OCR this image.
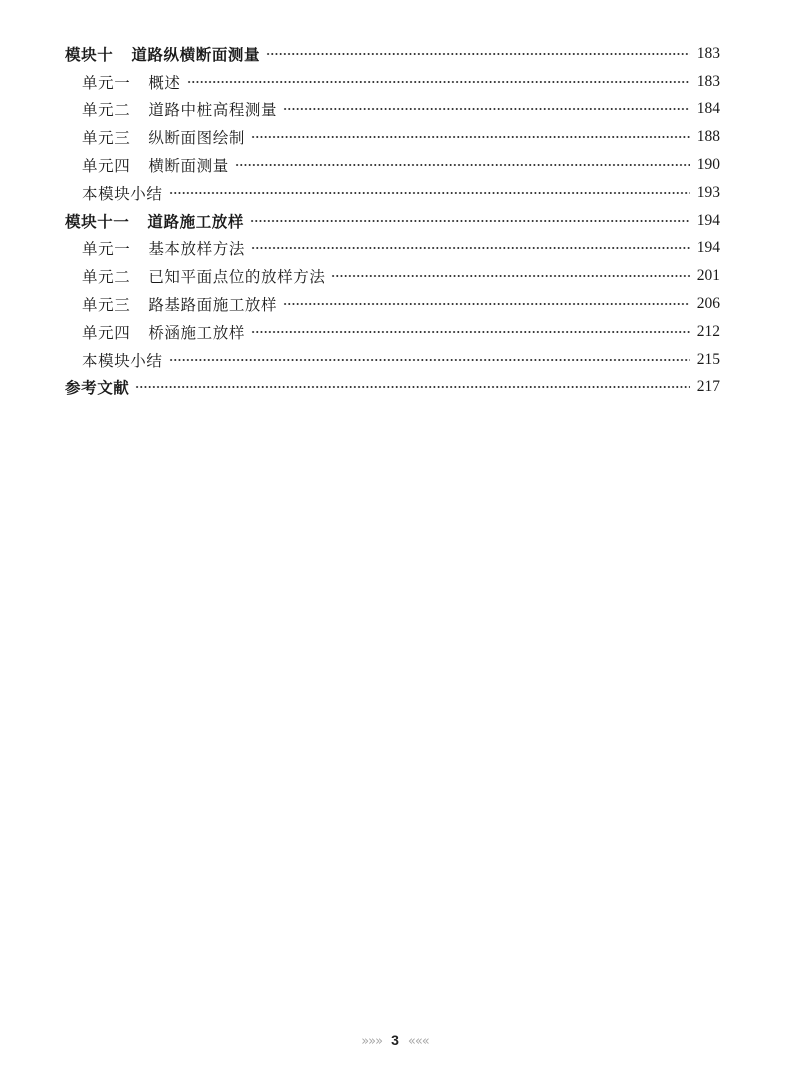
模块十 道路纵横断面测量	183
单元一 概述	183
单元二 道路中桩高程测量	184
单元三 纵断面图绘制	188
单元四 横断面测量	190
本模块小结	193
模块十一 道路施工放样	194
单元一 基本放样方法	194
单元二 已知平面点位的放样方法	201
单元三 路基路面施工放样	206
单元四 桥涵施工放样	212
本模块小结	215
参考文献	217
»»» 3 «««
